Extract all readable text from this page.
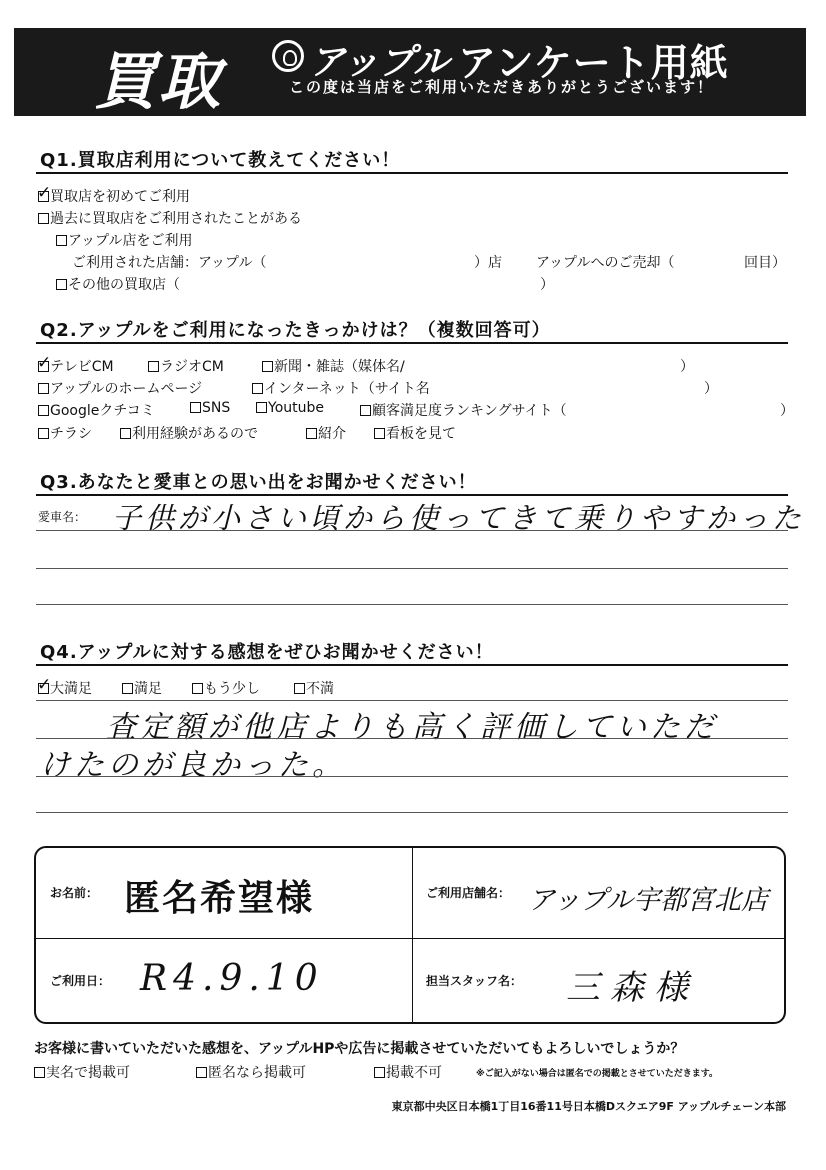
買取 アップル アンケート用紙
この度は当店をご利用いただきありがとうございます！
Q1.買取店利用について教えてください！
✓買取店を初めてご利用
過去に買取店をご利用されたことがある
アップル店をご利用
ご利用された店舗：アップル（	）店 アップルへのご売却（	回目）
その他の買取店（	）
Q2.アップルをご利用になったきっかけは？（複数回答可）
✓テレビCM	ラジオCM	新聞・雑誌（媒体名/	）
アップルのホームページ	インターネット（サイト名	）
Googleクチコミ	SNS	Youtube	顧客満足度ランキングサイト（	）
チラシ	利用経験があるので	紹介	看板を見て
Q3.あなたと愛車との思い出をお聞かせください！
愛車名： 子供が小さい頃から使ってきて乗りやすかった
Q4.アップルに対する感想をぜひお聞かせください！
✓大満足	満足	もう少し	不満
査定額が他店よりも高く評価していただ
けたのが良かった。
お名前： 匿名希望様	ご利用店舗名： アップル宇都宮北店
ご利用日： R4.9.10	担当スタッフ名： 三森様
お客様に書いていただいた感想を、アップルHPや広告に掲載させていただいてもよろしいでしょうか？
実名で掲載可	匿名なら掲載可	掲載不可	※ご記入がない場合は匿名での掲載とさせていただきます。
東京都中央区日本橋1丁目16番11号日本橋Dスクエア9F アップルチェーン本部
